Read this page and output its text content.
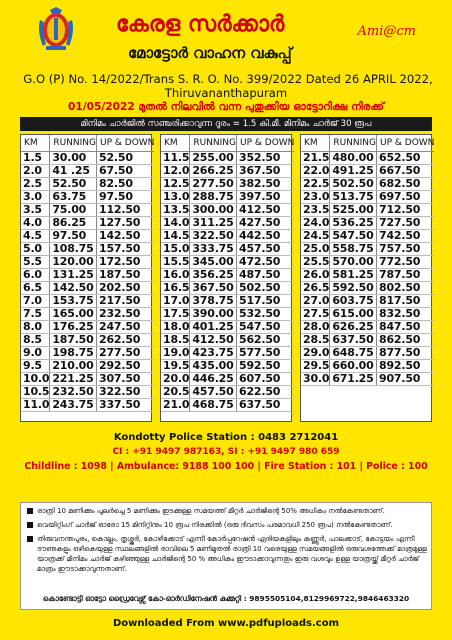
കേരള സർക്കാർ
മോട്ടോർ വാഹന വകുപ്പ്
Ami@cm
G.O (P) No. 14/2022/Trans S. R. O. No. 399/2022 Dated 26 APRIL 2022,
Thiruvananthapuram
01/05/2022 മുതൽ നിലവിൽ വന്ന പുതുക്കിയ ഓട്ടോറിക്ഷ നിരക്ക്
മിനിമം ചാർജിൽ സഞ്ചരിക്കാവുന്ന ദൂരം = 1.5 കി.മീ. മിനിമം ചാർജ് 30 രൂപ
KM	RUNNING	UP & DOWN
1.5	30.00	52.50
2.0	41 .25	67.50
2.5	52.50	82.50
3.0	63.75	97.50
3.5	75.00	112.50
4.0	86.25	127.50
4.5	97.50	142.50
5.0	108.75	157.50
5.5	120.00	172.50
6.0	131.25	187.50
6.5	142.50	202.50
7.0	153.75	217.50
7.5	165.00	232.50
8.0	176.25	247.50
8.5	187.50	262.50
9.0	198.75	277.50
9.5	210.00	292.50
10.0	221.25	307.50
10.5	232.50	322.50
11.0	243.75	337.50
KM	RUNNING	UP & DOWN
11.5	255.00	352.50
12.0	266.25	367.50
12.5	277.50	382.50
13.0	288.75	397.50
13.5	300.00	412.50
14.0	311.25	427.50
14.5	322.50	442.50
15.0	333.75	457.50
15.5	345.00	472.50
16.0	356.25	487.50
16.5	367.50	502.50
17.0	378.75	517.50
17.5	390.00	532.50
18.0	401.25	547.50
18.5	412.50	562.50
19.0	423.75	577.50
19.5	435.00	592.50
20.0	446.25	607.50
20.5	457.50	622.50
21.0	468.75	637.50
KM	RUNNING	UP & DOWN
21.5	480.00	652.50
22.0	491.25	667.50
22.5	502.50	682.50
23.0	513.75	697.50
23.5	525.00	712.50
24.0	536.25	727.50
24.5	547.50	742.50
25.0	558.75	757.50
25.5	570.00	772.50
26.0	581.25	787.50
26.5	592.50	802.50
27.0	603.75	817.50
27.5	615.00	832.50
28.0	626.25	847.50
28.5	637.50	862.50
29.0	648.75	877.50
29.5	660.00	892.50
30.0	671.25	907.50
Kondotty Police Station : 0483 2712041
CI : +91 9497 987163, SI : +91 9497 980 659
Childline : 1098 | Ambulance: 9188 100 100 | Fire Station : 101 | Police : 100
രാത്രി 10 മണിക്കും പുലർച്ചെ 5 മണിക്കും ഇടക്കുള്ള സമയത്ത് മീറ്റർ ചാർജിന്റെ 50% അധികം നൽകേണ്ടതാണ്.
വെയിറ്റിംഗ് ചാർജ് ഓരോ 15 മിനിറ്റിനും 10 രൂപ നിരക്കിൽ (ഒരു ദിവസം പരമാവധി 250 രൂപ) നൽകേണ്ടതാണ്.
തിരുവനന്തപുരം, കൊല്ലം, തൃശ്ശൂർ, കോഴിക്കോട് എന്നീ കോർപ്പറേഷൻ ഏരിയകളിലും കണ്ണൂർ, പാലക്കാട്, കോട്ടയം എന്നീ ടൗണുകളും ഒഴികെയുള്ള സ്ഥലങ്ങളിൽ രാവിലെ 5 മണിമുതൽ രാത്രി 10 വരെയുള്ള സമയങ്ങളിൽ ഒരുവശത്തേക്ക് മാത്രമുള്ള യാത്രക്ക് മിനിമം ചാർജ് കഴിഞ്ഞുള്ള ചാർജിന്റെ 50 % അധികം ഈടാക്കാവുന്നതും ഇരു വശവും ഉള്ള യാത്രയ്ക്ക് മീറ്റർ ചാർജ് മാത്രം ഈടാക്കാവുന്നതാണ്.
കൊണ്ടോട്ടി ഓട്ടോ ഡ്രൈവേഴ്സ് കോ-ഓർഡിനേഷൻ കമ്മറ്റി : 9895505104,8129969722,9846463320
Downloaded From www.pdfuploads.com
